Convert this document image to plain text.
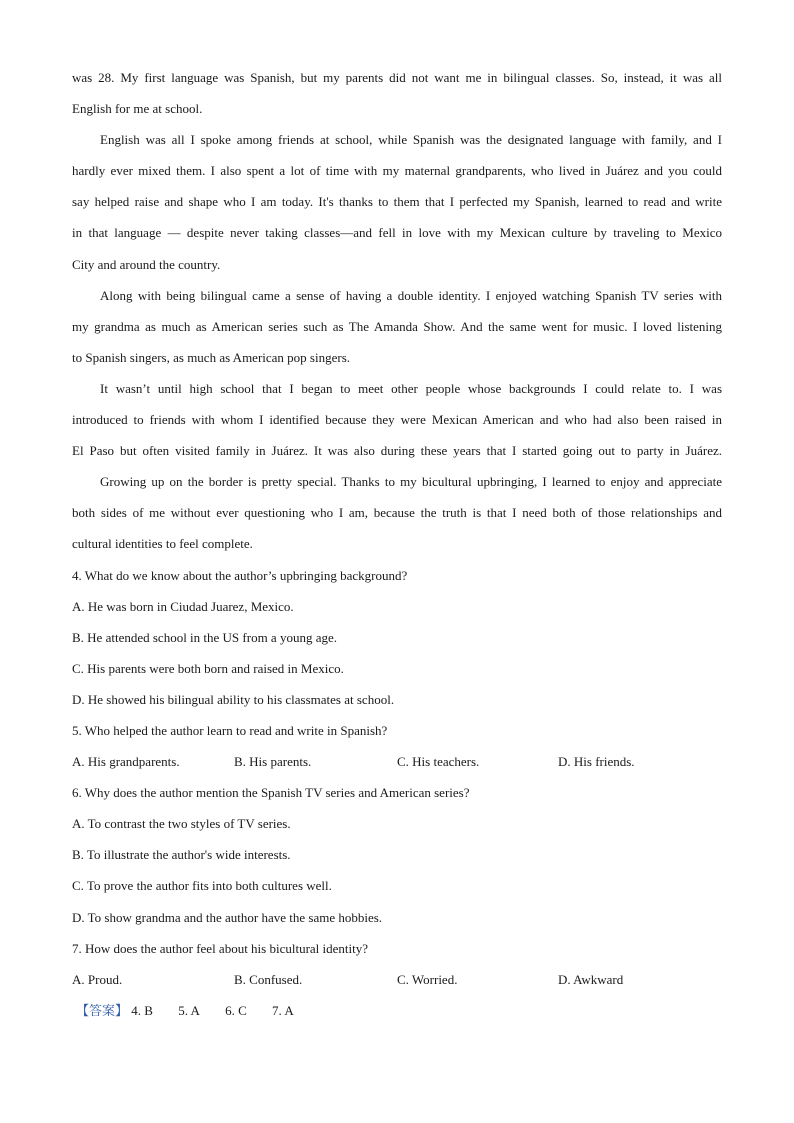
was 28. My first language was Spanish, but my parents did not want me in bilingual classes. So, instead, it was all

English for me at school.

English was all I spoke among friends at school, while Spanish was the designated language with family, and I

hardly ever mixed them. I also spent a lot of time with my maternal grandparents, who lived in Juárez and you could

say helped raise and shape who I am today. It's thanks to them that I perfected my Spanish, learned to read and write

in that language — despite never taking classes—and fell in love with my Mexican culture by traveling to Mexico

City and around the country.

Along with being bilingual came a sense of having a double identity. I enjoyed watching Spanish TV series with

my grandma as much as American series such as The Amanda Show. And the same went for music. I loved listening

to Spanish singers, as much as American pop singers.

It wasn’t until high school that I began to meet other people whose backgrounds I could relate to. I was

introduced to friends with whom I identified because they were Mexican American and who had also been raised in

El Paso but often visited family in Juárez. It was also during these years that I started going out to party in Juárez.

Growing up on the border is pretty special. Thanks to my bicultural upbringing, I learned to enjoy and appreciate

both sides of me without ever questioning who I am, because the truth is that I need both of those relationships and

cultural identities to feel complete.

4. What do we know about the author’s upbringing background?

A. He was born in Ciudad Juarez, Mexico.

B. He attended school in the US from a young age.

C. His parents were both born and raised in Mexico.

D. He showed his bilingual ability to his classmates at school.

5. Who helped the author learn to read and write in Spanish?

A. His grandparents.	B. His parents.	C. His teachers.	D. His friends.

6. Why does the author mention the Spanish TV series and American series?

A. To contrast the two styles of TV series.

B. To illustrate the author's wide interests.

C. To prove the author fits into both cultures well.

D. To show grandma and the author have the same hobbies.

7. How does the author feel about his bicultural identity?

A. Proud.	B. Confused.	C. Worried.	D. Awkward
【答案】 4. B 5. A 6. C 7. A
